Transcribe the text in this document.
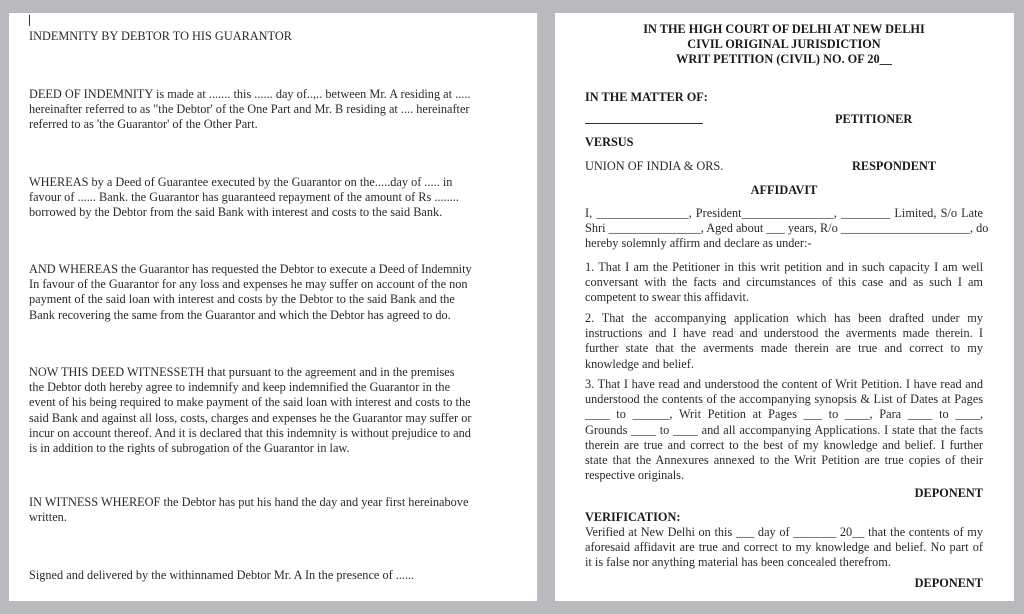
INDEMNITY BY DEBTOR TO HIS GUARANTOR
DEED OF INDEMNITY is made at ....... this ...... day of..,.. between Mr. A residing at .....
hereinafter referred to as "the Debtor' of the One Part and Mr. B residing at .... hereinafter
referred to as 'the Guarantor' of the Other Part.
WHEREAS by a Deed of Guarantee executed by the Guarantor on the.....day of ..... in
favour of ...... Bank. the Guarantor has guaranteed repayment of the amount of Rs ........
borrowed by the Debtor from the said Bank with interest and costs to the said Bank.
AND WHEREAS the Guarantor has requested the Debtor to execute a Deed of Indemnity
In favour of the Guarantor for any loss and expenses he may suffer on account of the non
payment of the said loan with interest and costs by the Debtor to the said Bank and the
Bank recovering the same from the Guarantor and which the Debtor has agreed to do.
NOW THIS DEED WITNESSETH that pursuant to the agreement and in the premises
the Debtor doth hereby agree to indemnify and keep indemnified the Guarantor in the
event of his being required to make payment of the said loan with interest and costs to the
said Bank and against all loss, costs, charges and expenses he the Guarantor may suffer or
incur on account thereof. And it is declared that this indemnity is without prejudice to and
is in addition to the rights of subrogation of the Guarantor in law.
IN WITNESS WHEREOF the Debtor has put his hand the day and year first hereinabove
written.
Signed and delivered by the withinnamed Debtor Mr. A In the presence of ......
IN THE HIGH COURT OF DELHI AT NEW DELHI
CIVIL ORIGINAL JURISDICTION
WRIT PETITION (CIVIL) NO. OF 20__
IN THE MATTER OF:
PETITIONER
VERSUS
UNION OF INDIA & ORS.	RESPONDENT
AFFIDAVIT
I, _______________, President_______________, ________ Limited, S/o Late
Shri _______________, Aged about ___ years, R/o _____________________, do
hereby solemnly affirm and declare as under:-
1. That I am the Petitioner in this writ petition and in such capacity I am well
conversant with the facts and circumstances of this case and as such I am
competent to swear this affidavit.
2. That the accompanying application which has been drafted under my
instructions and I have read and understood the averments made therein. I
further state that the averments made therein are true and correct to my
knowledge and belief.
3. That I have read and understood the content of Writ Petition. I have read and
understood the contents of the accompanying synopsis & List of Dates at Pages
____ to ______, Writ Petition at Pages ___ to ____, Para ____ to ____,
Grounds ____ to ____ and all accompanying Applications. I state that the facts
therein are true and correct to the best of my knowledge and belief. I further
state that the Annexures annexed to the Writ Petition are true copies of their
respective originals.
DEPONENT
VERIFICATION:
Verified at New Delhi on this ___ day of _______ 20__ that the contents of my
aforesaid affidavit are true and correct to my knowledge and belief. No part of
it is false nor anything material has been concealed therefrom.
DEPONENT
